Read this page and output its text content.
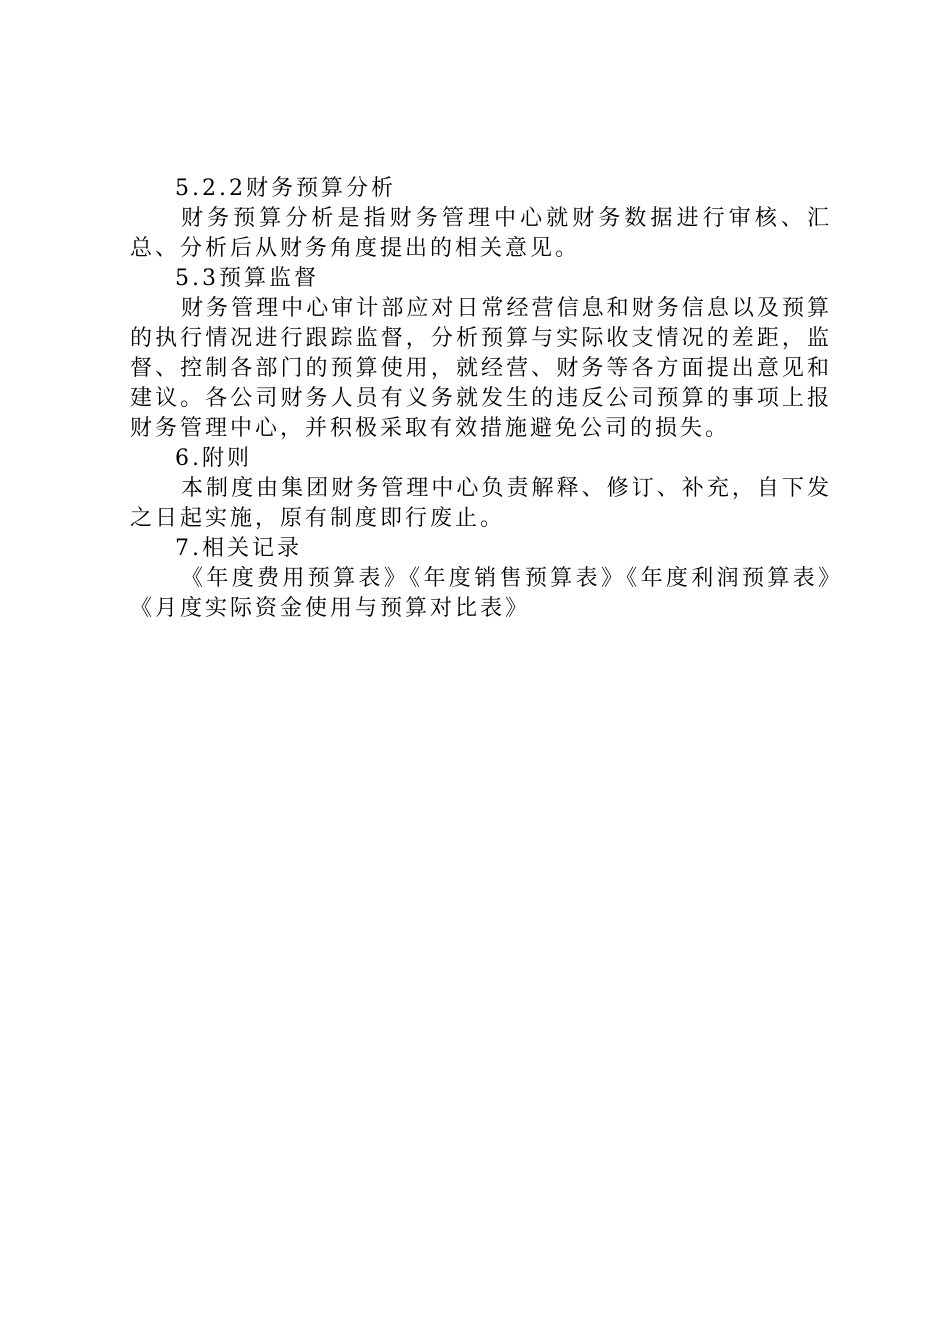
5.2.2财务预算分析

财务预算分析是指财务管理中心就财务数据进行审核、汇总、分析后从财务角度提出的相关意见。

5.3预算监督

财务管理中心审计部应对日常经营信息和财务信息以及预算的执行情况进行跟踪监督，分析预算与实际收支情况的差距，监督、控制各部门的预算使用，就经营、财务等各方面提出意见和建议。各公司财务人员有义务就发生的违反公司预算的事项上报财务管理中心，并积极采取有效措施避免公司的损失。

6.附则

本制度由集团财务管理中心负责解释、修订、补充，自下发之日起实施，原有制度即行废止。

7.相关记录

《年度费用预算表》《年度销售预算表》《年度利润预算表》《月度实际资金使用与预算对比表》
